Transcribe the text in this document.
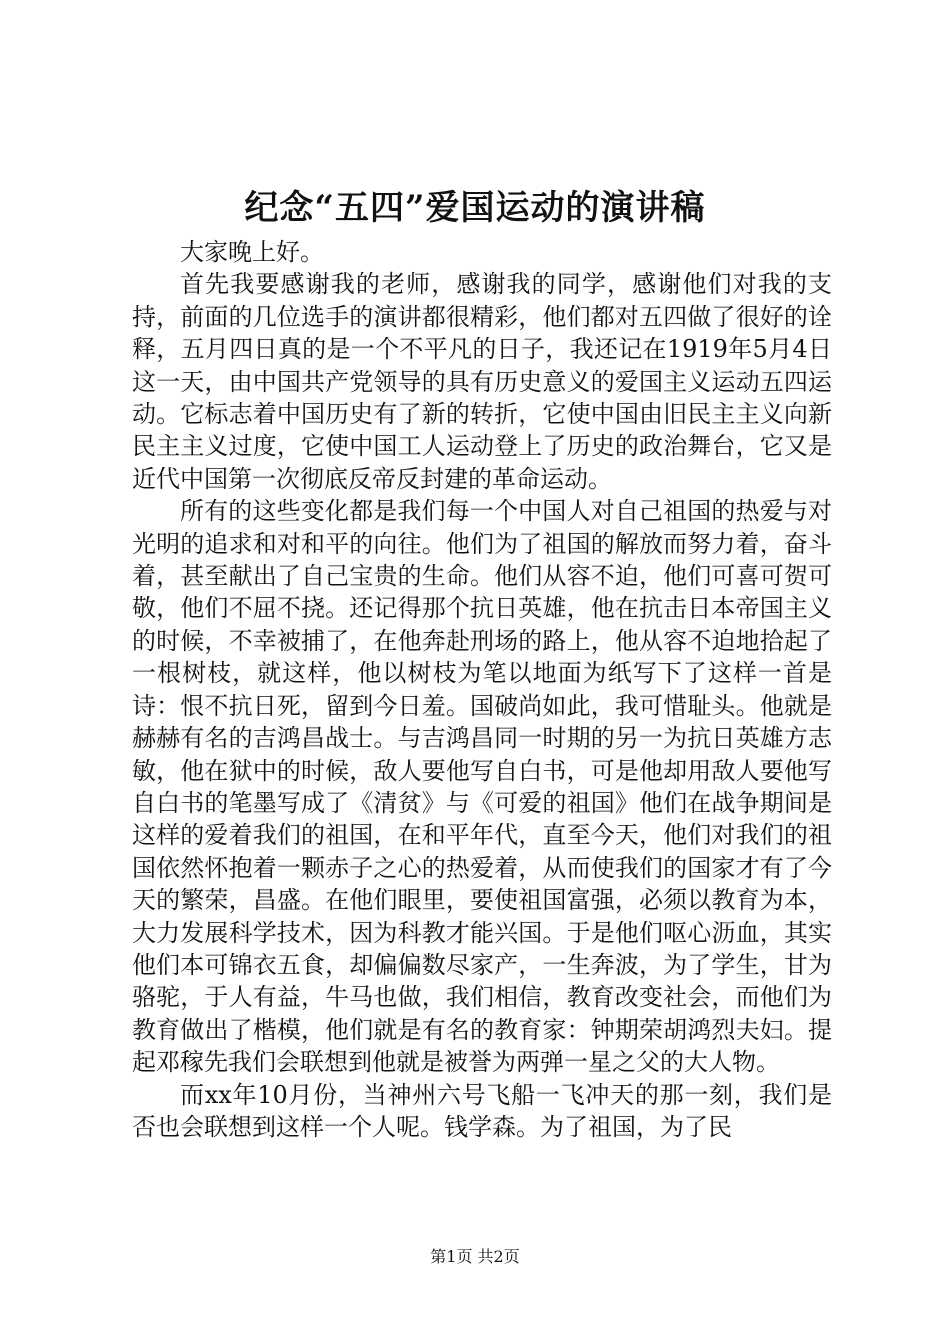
纪念“五四”爱国运动的演讲稿

大家晚上好。

首先我要感谢我的老师，感谢我的同学，感谢他们对我的支持，前面的几位选手的演讲都很精彩，他们都对五四做了很好的诠释，五月四日真的是一个不平凡的日子，我还记在1919年5月4日这一天，由中国共产党领导的具有历史意义的爱国主义运动五四运动。它标志着中国历史有了新的转折，它使中国由旧民主主义向新民主主义过度，它使中国工人运动登上了历史的政治舞台，它又是近代中国第一次彻底反帝反封建的革命运动。

所有的这些变化都是我们每一个中国人对自己祖国的热爱与对光明的追求和对和平的向往。他们为了祖国的解放而努力着，奋斗着，甚至献出了自己宝贵的生命。他们从容不迫，他们可喜可贺可敬，他们不屈不挠。还记得那个抗日英雄，他在抗击日本帝国主义的时候，不幸被捕了，在他奔赴刑场的路上，他从容不迫地拾起了一根树枝，就这样，他以树枝为笔以地面为纸写下了这样一首是诗：恨不抗日死，留到今日羞。国破尚如此，我可惜耻头。他就是赫赫有名的吉鸿昌战士。与吉鸿昌同一时期的另一为抗日英雄方志敏，他在狱中的时候，敌人要他写自白书，可是他却用敌人要他写自白书的笔墨写成了《清贫》与《可爱的祖国》他们在战争期间是这样的爱着我们的祖国，在和平年代，直至今天，他们对我们的祖国依然怀抱着一颗赤子之心的热爱着，从而使我们的国家才有了今天的繁荣，昌盛。在他们眼里，要使祖国富强，必须以教育为本，大力发展科学技术，因为科教才能兴国。于是他们呕心沥血，其实他们本可锦衣五食，却偏偏数尽家产，一生奔波，为了学生，甘为骆驼，于人有益，牛马也做，我们相信，教育改变社会，而他们为教育做出了楷模，他们就是有名的教育家：钟期荣胡鸿烈夫妇。提起邓稼先我们会联想到他就是被誉为两弹一星之父的大人物。

而xx年10月份，当神州六号飞船一飞冲天的那一刻，我们是否也会联想到这样一个人呢。钱学森。为了祖国，为了民

第1页 共2页
